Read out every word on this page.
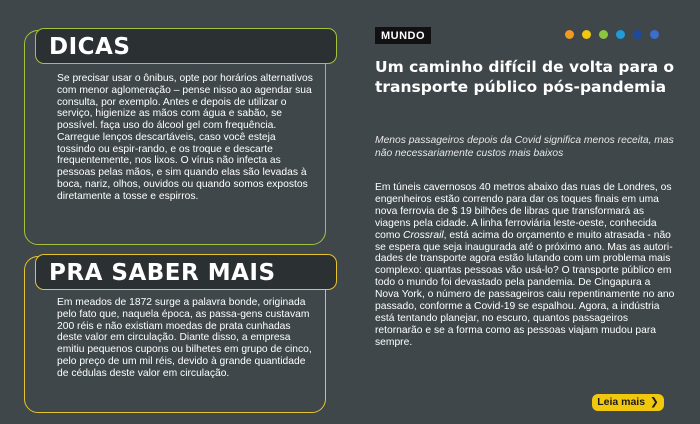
DICAS
Se precisar usar o ônibus, opte por horários alternativos com menor aglomeração – pense nisso ao agendar sua consulta, por exemplo. Antes e depois de utilizar o serviço, higienize as mãos com água e sabão, se possível. faça uso do álcool gel com frequência. Carregue lenços descartáveis, caso você esteja tossindo ou espir-rando, e os troque e descarte frequentemente, nos lixos. O vírus não infecta as pessoas pelas mãos, e sim quando elas são levadas à boca, nariz, olhos, ouvidos ou quando somos expostos diretamente a tosse e espirros.
PRA SABER MAIS
Em meados de 1872 surge a palavra bonde, originada pelo fato que, naquela época, as passa-gens custavam 200 réis e não existiam moedas de prata cunhadas deste valor em circulação. Diante disso, a empresa emitiu pequenos cupons ou bilhetes em grupo de cinco, pelo preço de um mil réis, devido à grande quantidade de cédulas deste valor em circulação.
MUNDO
Um caminho difícil de volta para o transporte público pós-pandemia
Menos passageiros depois da Covid significa menos receita, mas não necessariamente custos mais baixos
Em túneis cavernosos 40 metros abaixo das ruas de Londres, os engenheiros estão correndo para dar os toques finais em uma nova ferrovia de $ 19 bilhões de libras que transformará as viagens pela cidade. A linha ferroviária leste-oeste, conhecida como Crossrail, está acima do orçamento e muito atrasada - não se espera que seja inaugurada até o próximo ano. Mas as autori-dades de transporte agora estão lutando com um problema mais complexo: quantas pessoas vão usá-lo? O transporte público em todo o mundo foi devastado pela pandemia. De Cingapura a Nova York, o número de passageiros caiu repentinamente no ano passado, conforme a Covid-19 se espalhou. Agora, a indústria está tentando planejar, no escuro, quantos passageiros retornarão e se a forma como as pessoas viajam mudou para sempre.
Leia mais ❯
